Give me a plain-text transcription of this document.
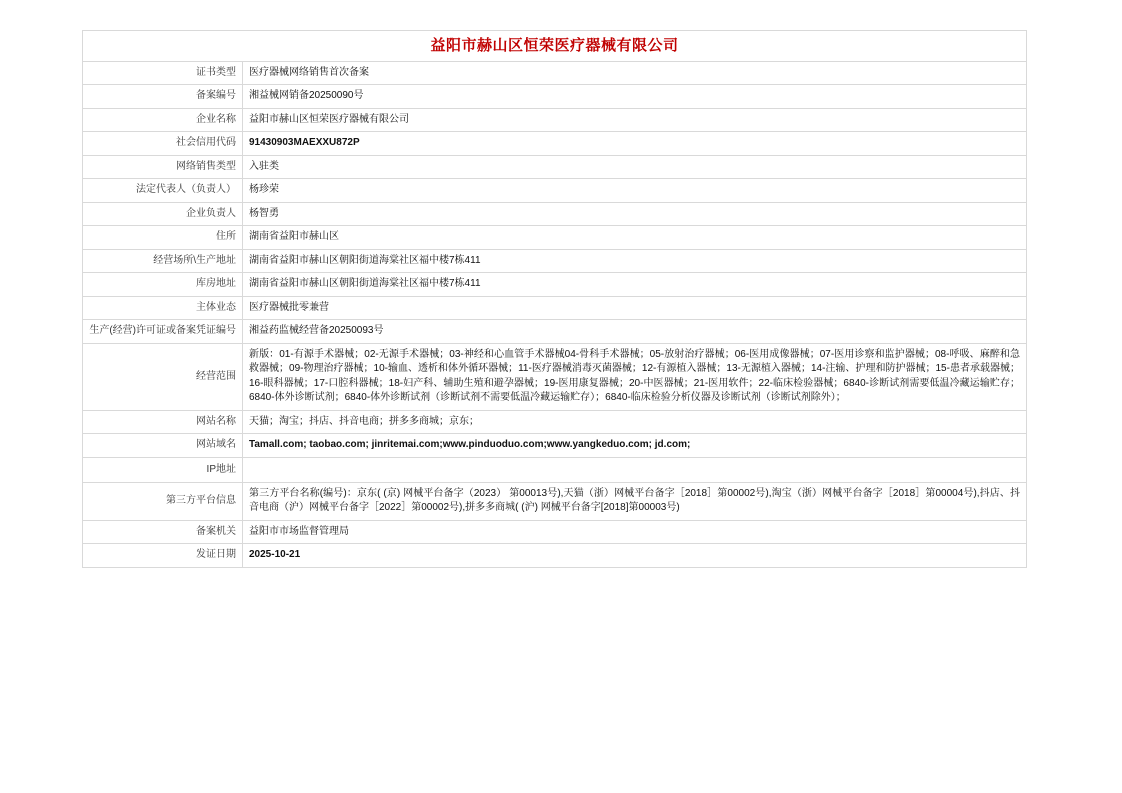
益阳市赫山区恒荣医疗器械有限公司	
证书类型	医疗器械网络销售首次备案
备案编号	湘益械网销备20250090号
企业名称	益阳市赫山区恒荣医疗器械有限公司
社会信用代码	91430903MAEXXU872P
网络销售类型	入驻类
法定代表人（负责人）	杨珍荣
企业负责人	杨智勇
住所	湖南省益阳市赫山区
经营场所\生产地址	湖南省益阳市赫山区朝阳街道海棠社区福中楼7栋411
库房地址	湖南省益阳市赫山区朝阳街道海棠社区福中楼7栋411
主体业态	医疗器械批零兼营
生产(经营)许可证或备案凭证编号	湘益药监械经营备20250093号
经营范围	新版：01-有源手术器械；02-无源手术器械；03-神经和心血管手术器械04-骨科手术器械；05-放射治疗器械；06-医用成像器械；07-医用诊察和监护器械；08-呼吸、麻醉和急救器械；09-物理治疗器械；10-输血、透析和体外循环器械；11-医疗器械消毒灭菌器械；12-有源植入器械；13-无源植入器械；14-注输、护理和防护器械；15-患者承载器械；16-眼科器械；17-口腔科器械；18-妇产科、辅助生殖和避孕器械；19-医用康复器械；20-中医器械；21-医用软件；22-临床检验器械；6840-诊断试剂需要低温冷藏运输贮存；6840-体外诊断试剂；6840-体外诊断试剂（诊断试剂不需要低温冷藏运输贮存）；6840-临床检验分析仪器及诊断试剂（诊断试剂除外）；
网站名称	天猫；淘宝；抖店、抖音电商；拼多多商城；京东；
网站域名	Tamall.com; taobao.com; jinritemai.com;www.pinduoduo.com;www.yangkeduo.com; jd.com;
IP地址	
第三方平台信息	第三方平台名称(编号)：京东( (京) 网械平台备字（2023） 第00013号),天猫（浙）网械平台备字［2018］第00002号),淘宝（浙）网械平台备字［2018］第00004号),抖店、抖音电商（沪）网械平台备字［2022］第00002号),拼多多商城( (沪) 网械平台备字[2018]第00003号)
备案机关	益阳市市场监督管理局
发证日期	2025-10-21
